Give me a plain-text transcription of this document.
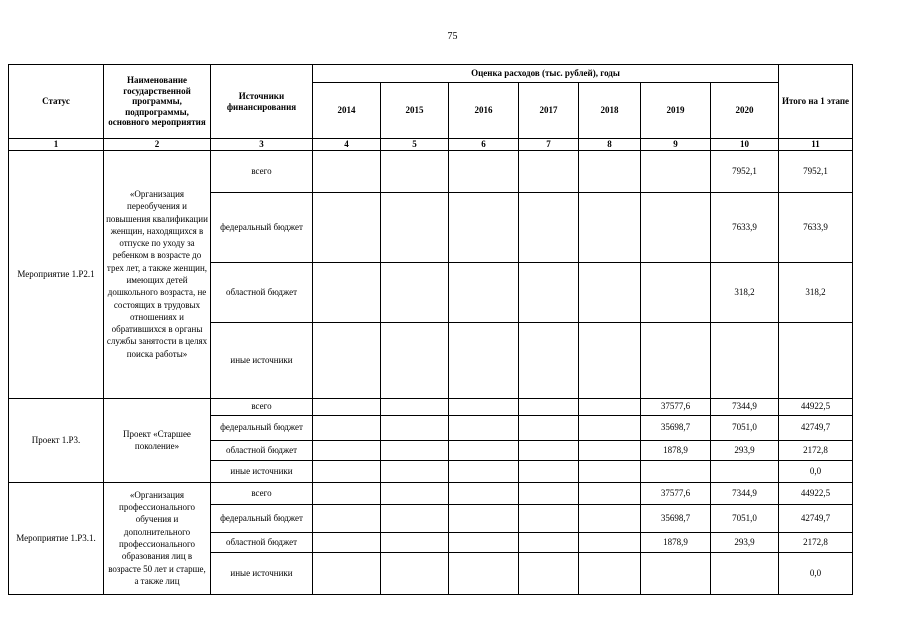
75
Статус	Наименование государственной программы, подпрограммы, основного мероприятия	Источники финансирования	Оценка расходов (тыс. рублей), годы							Итого на 1 этапе
			2014	2015	2016	2017	2018	2019	2020	
1	2	3	4	5	6	7	8	9	10	11
Мероприятие 1.P2.1	«Организация переобучения и повышения квалификации женщин, находящихся в отпуске по уходу за ребенком в возрасте до трех лет, а также женщин, имеющих детей дошкольного возраста, не состоящих в трудовых отношениях и обратившихся в органы службы занятости в целях поиска работы»	всего							7952,1	7952,1
		федеральный бюджет							7633,9	7633,9
		областной бюджет							318,2	318,2
		иные источники								
Проект 1.P3.	Проект «Старшее поколение»	всего						37577,6	7344,9	44922,5
		федеральный бюджет						35698,7	7051,0	42749,7
		областной бюджет						1878,9	293,9	2172,8
		иные источники								0,0
Мероприятие 1.P3.1.	«Организация профессионального обучения и дополнительного профессионального образования лиц в возрасте 50 лет и старше, а также лиц	всего						37577,6	7344,9	44922,5
		федеральный бюджет						35698,7	7051,0	42749,7
		областной бюджет						1878,9	293,9	2172,8
		иные источники								0,0
